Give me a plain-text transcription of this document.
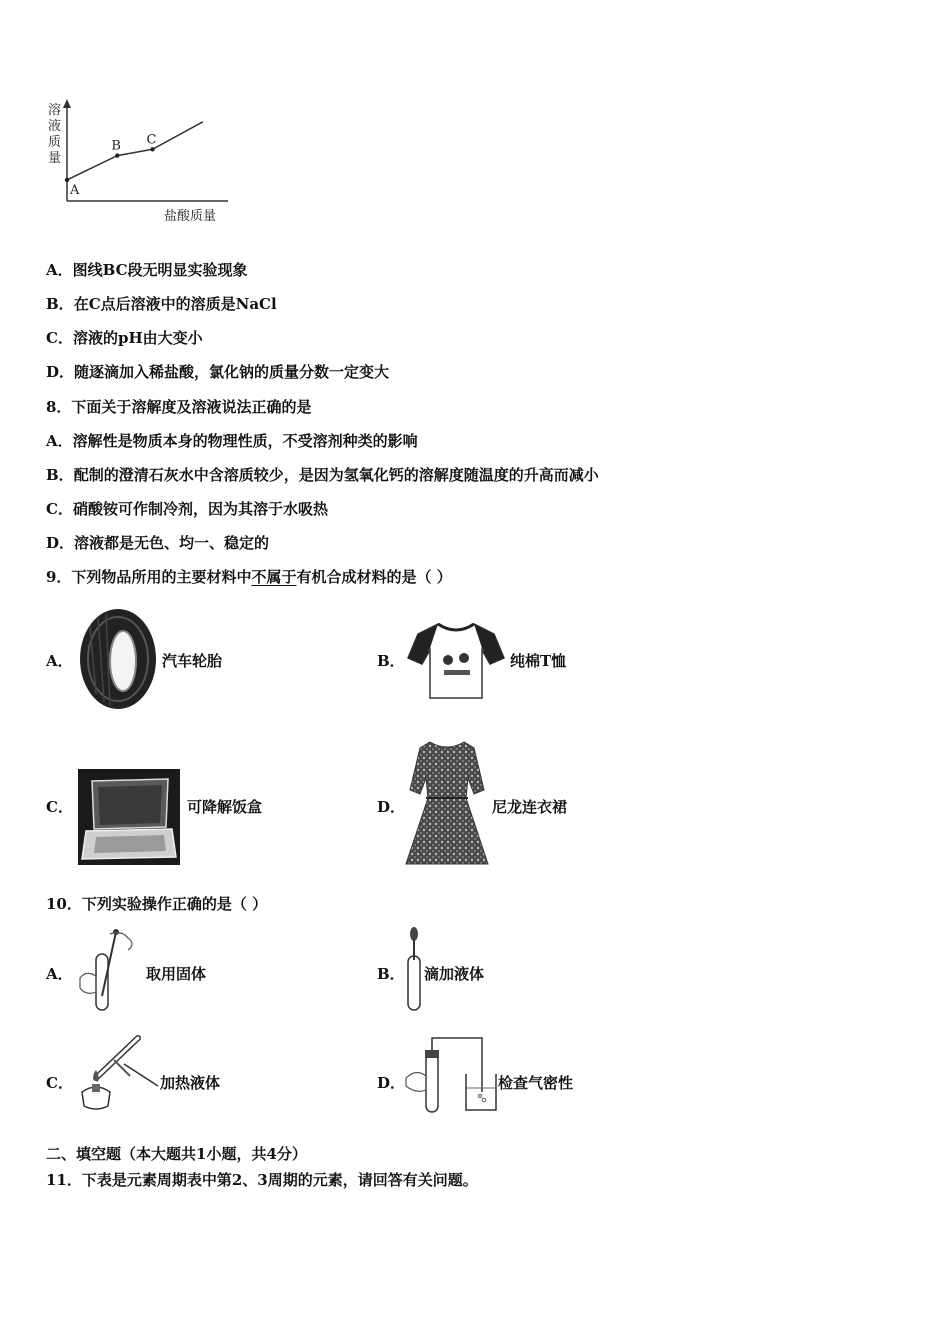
溶
液
质
量
盐酸质量
A
B C
A．图线BC段无明显实验现象
B．在C点后溶液中的溶质是NaCl
C．溶液的pH由大变小
D．随逐滴加入稀盐酸，氯化钠的质量分数一定变大
8．下面关于溶解度及溶液说法正确的是
A．溶解性是物质本身的物理性质，不受溶剂种类的影响
B．配制的澄清石灰水中含溶质较少，是因为氢氧化钙的溶解度随温度的升高而减小
C．硝酸铵可作制冷剂，因为其溶于水吸热
D．溶液都是无色、均一、稳定的
9．下列物品所用的主要材料中不属于有机合成材料的是（ ）
A．	汽车轮胎	B．	纯棉T恤
C．	可降解饭盒	D．	尼龙连衣裙
10．下列实验操作正确的是（ ）
A．	取用固体	B． 滴加液体
C．	加热液体	D．	检查气密性
二、填空题（本大题共1小题，共4分）
11．下表是元素周期表中第2、3周期的元素，请回答有关问题。
